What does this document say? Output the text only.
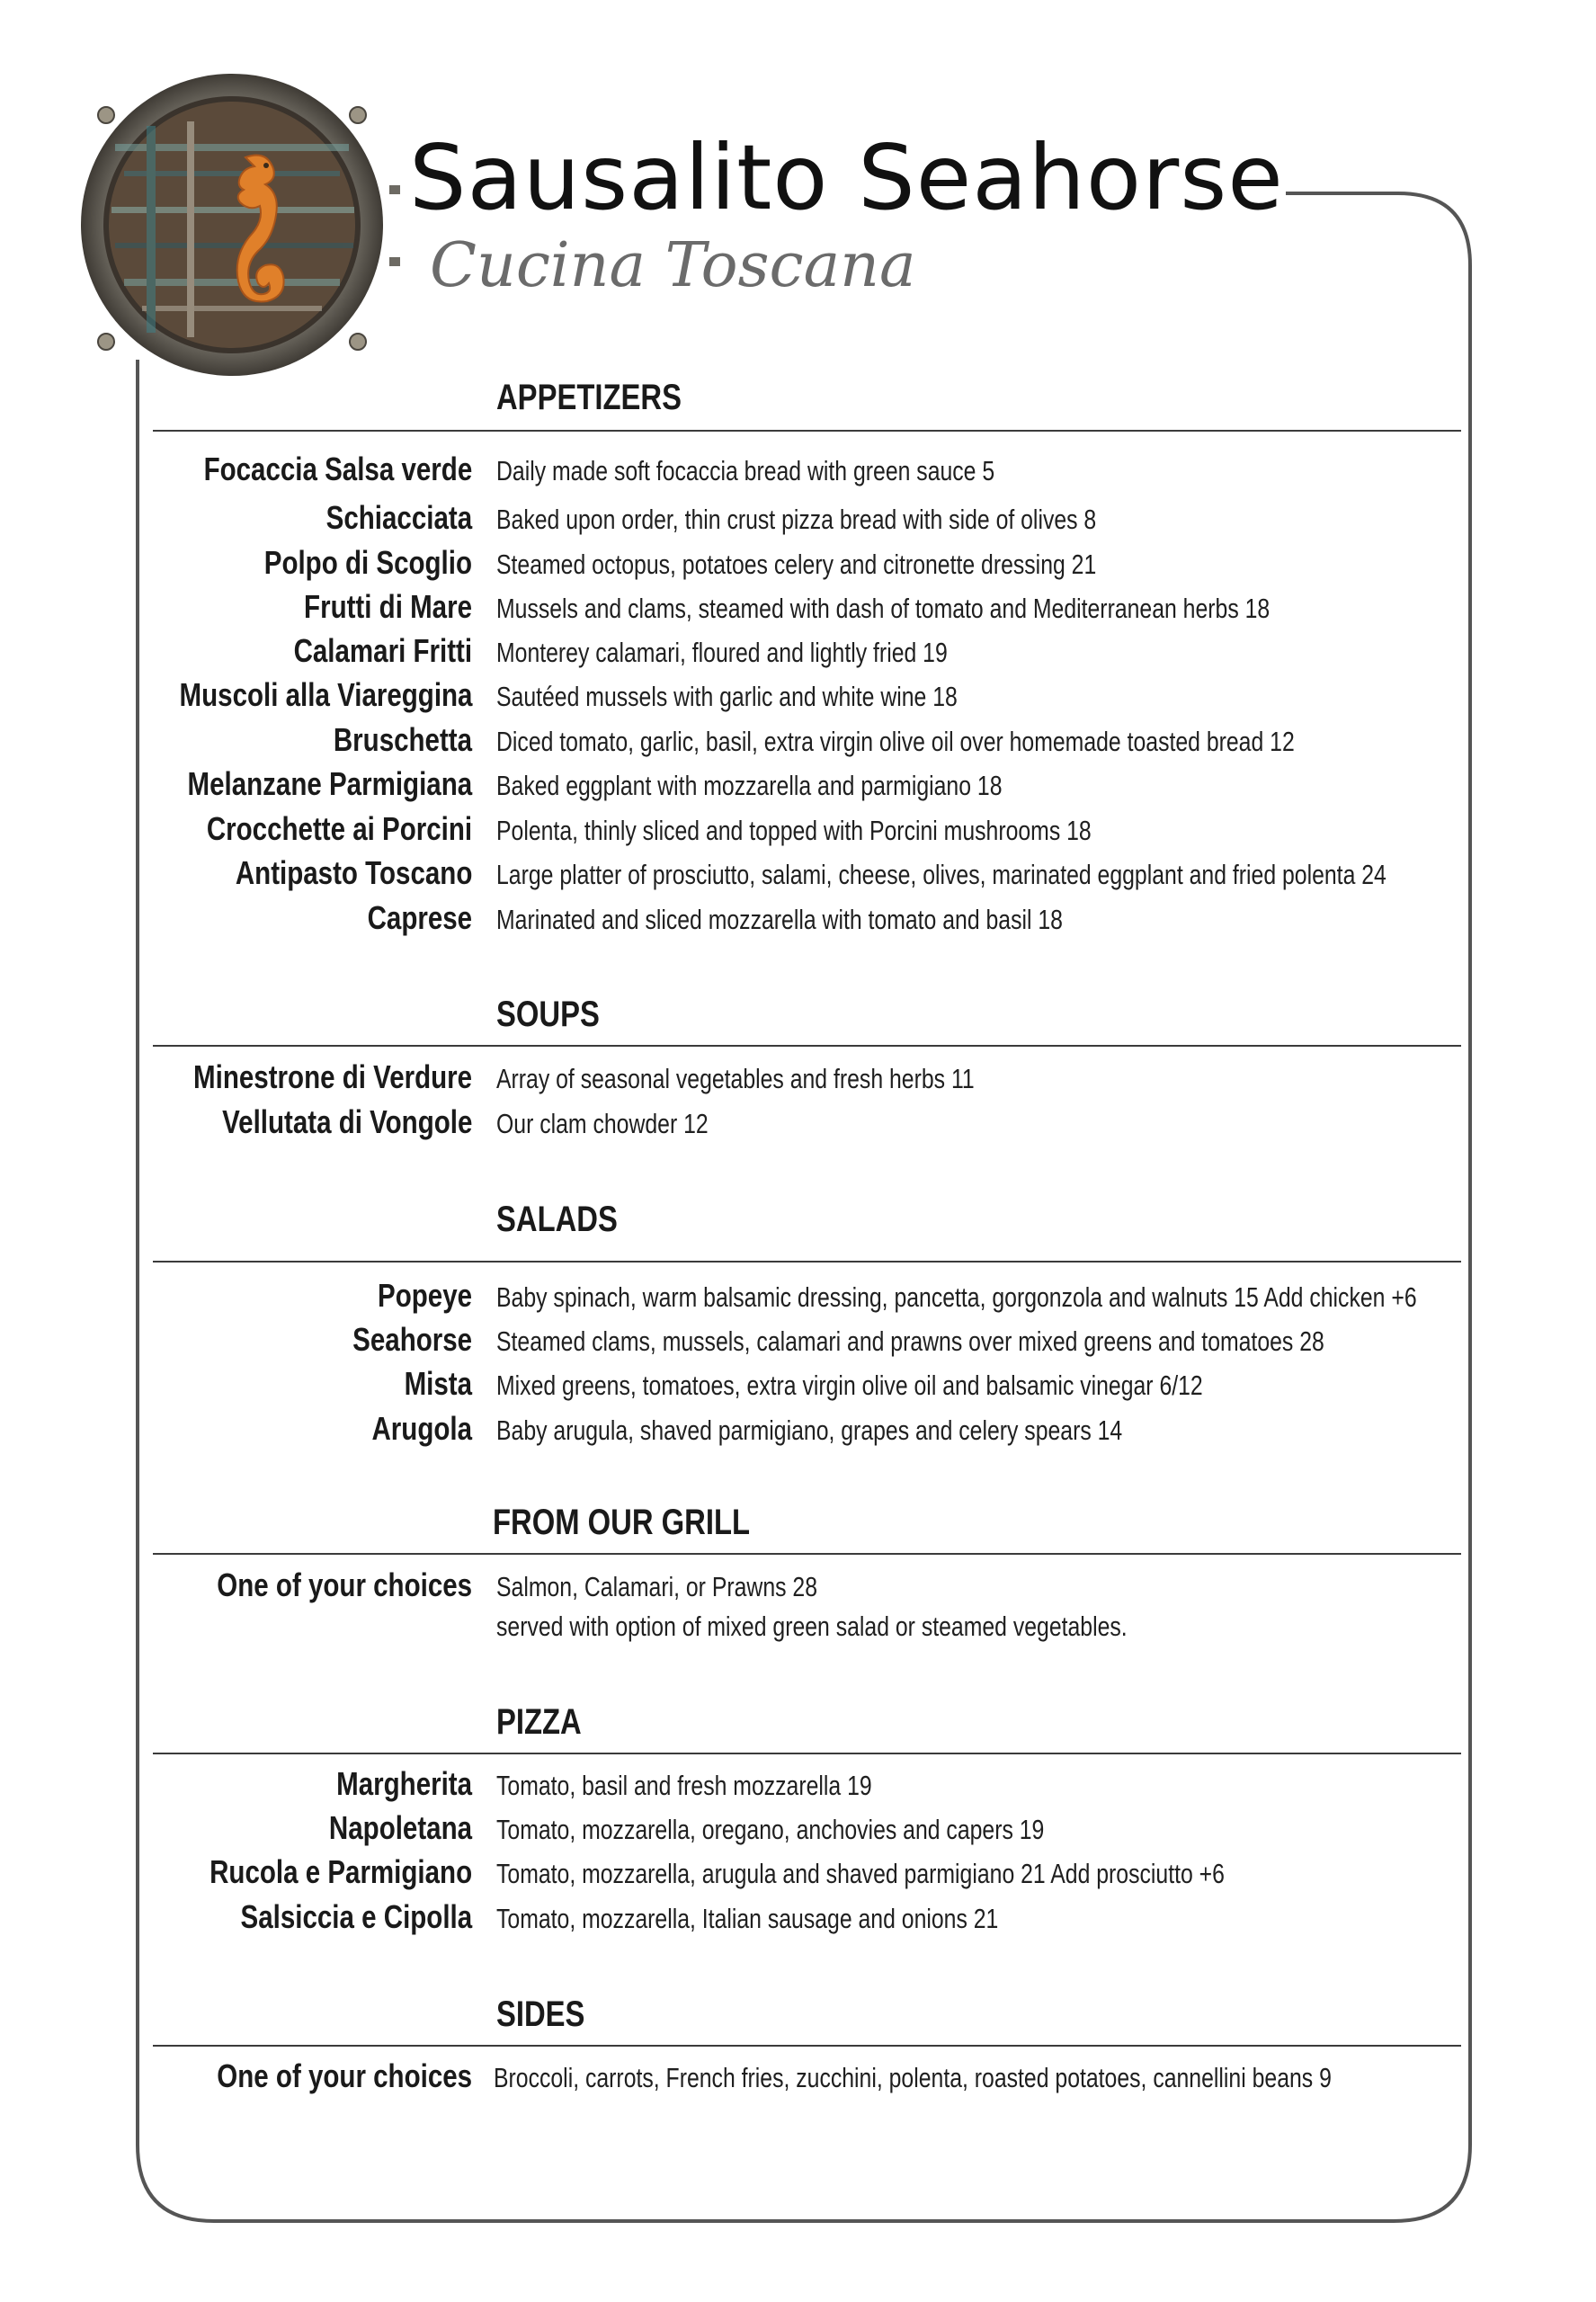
Sausalito Seahorse
Cucina Toscana
APPETIZERS
Focaccia Salsa verde Daily made soft focaccia bread with green sauce 5
Schiacciata Baked upon order, thin crust pizza bread with side of olives 8
Polpo di Scoglio Steamed octopus, potatoes celery and citronette dressing 21
Frutti di Mare Mussels and clams, steamed with dash of tomato and Mediterranean herbs 18
Calamari Fritti Monterey calamari, floured and lightly fried 19
Muscoli alla Viareggina Sautéed mussels with garlic and white wine 18
Bruschetta Diced tomato, garlic, basil, extra virgin olive oil over homemade toasted bread 12
Melanzane Parmigiana Baked eggplant with mozzarella and parmigiano 18
Crocchette ai Porcini Polenta, thinly sliced and topped with Porcini mushrooms 18
Antipasto Toscano Large platter of prosciutto, salami, cheese, olives, marinated eggplant and fried polenta 24
Caprese Marinated and sliced mozzarella with tomato and basil 18
SOUPS
Minestrone di Verdure Array of seasonal vegetables and fresh herbs 11
Vellutata di Vongole Our clam chowder 12
SALADS
Popeye Baby spinach, warm balsamic dressing, pancetta, gorgonzola and walnuts 15 Add chicken +6
Seahorse Steamed clams, mussels, calamari and prawns over mixed greens and tomatoes 28
Mista Mixed greens, tomatoes, extra virgin olive oil and balsamic vinegar 6/12
Arugola Baby arugula, shaved parmigiano, grapes and celery spears 14
FROM OUR GRILL
One of your choices Salmon, Calamari, or Prawns 28
served with option of mixed green salad or steamed vegetables.
PIZZA
Margherita Tomato, basil and fresh mozzarella 19
Napoletana Tomato, mozzarella, oregano, anchovies and capers 19
Rucola e Parmigiano Tomato, mozzarella, arugula and shaved parmigiano 21 Add prosciutto +6
Salsiccia e Cipolla Tomato, mozzarella, Italian sausage and onions 21
SIDES
One of your choices Broccoli, carrots, French fries, zucchini, polenta, roasted potatoes, cannellini beans 9
